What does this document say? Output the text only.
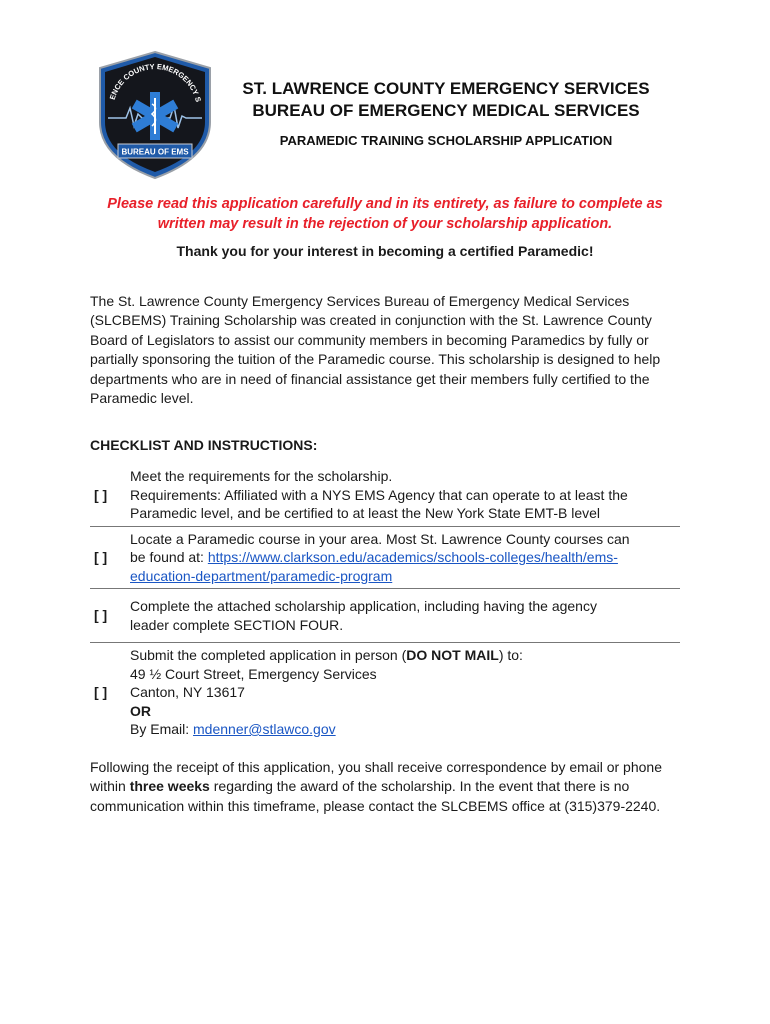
ENCE COUNTY EMERGENCY S
BUREAU OF EMS
ST. LAWRENCE COUNTY EMERGENCY SERVICES
BUREAU OF EMERGENCY MEDICAL SERVICES
PARAMEDIC TRAINING SCHOLARSHIP APPLICATION
Please read this application carefully and in its entirety, as failure to complete as
written may result in the rejection of your scholarship application.
Thank you for your interest in becoming a certified Paramedic!
The St. Lawrence County Emergency Services Bureau of Emergency Medical Services (SLCBEMS) Training Scholarship was created in conjunction with the St. Lawrence County Board of Legislators to assist our community members in becoming Paramedics by fully or partially sponsoring the tuition of the Paramedic course. This scholarship is designed to help departments who are in need of financial assistance get their members fully certified to the Paramedic level.
CHECKLIST AND INSTRUCTIONS:
[ ]
Meet the requirements for the scholarship.
Requirements: Affiliated with a NYS EMS Agency that can operate to at least the
Paramedic level, and be certified to at least the New York State EMT-B level
[ ]
Locate a Paramedic course in your area. Most St. Lawrence County courses can
be found at: https://www.clarkson.edu/academics/schools-colleges/health/ems-
education-department/paramedic-program
[ ]
Complete the attached scholarship application, including having the agency
leader complete SECTION FOUR.
[ ]
Submit the completed application in person (DO NOT MAIL) to:
49 ½ Court Street, Emergency Services
Canton, NY 13617
OR
By Email: mdenner@stlawco.gov
Following the receipt of this application, you shall receive correspondence by email or phone within three weeks regarding the award of the scholarship. In the event that there is no communication within this timeframe, please contact the SLCBEMS office at (315)379-2240.
